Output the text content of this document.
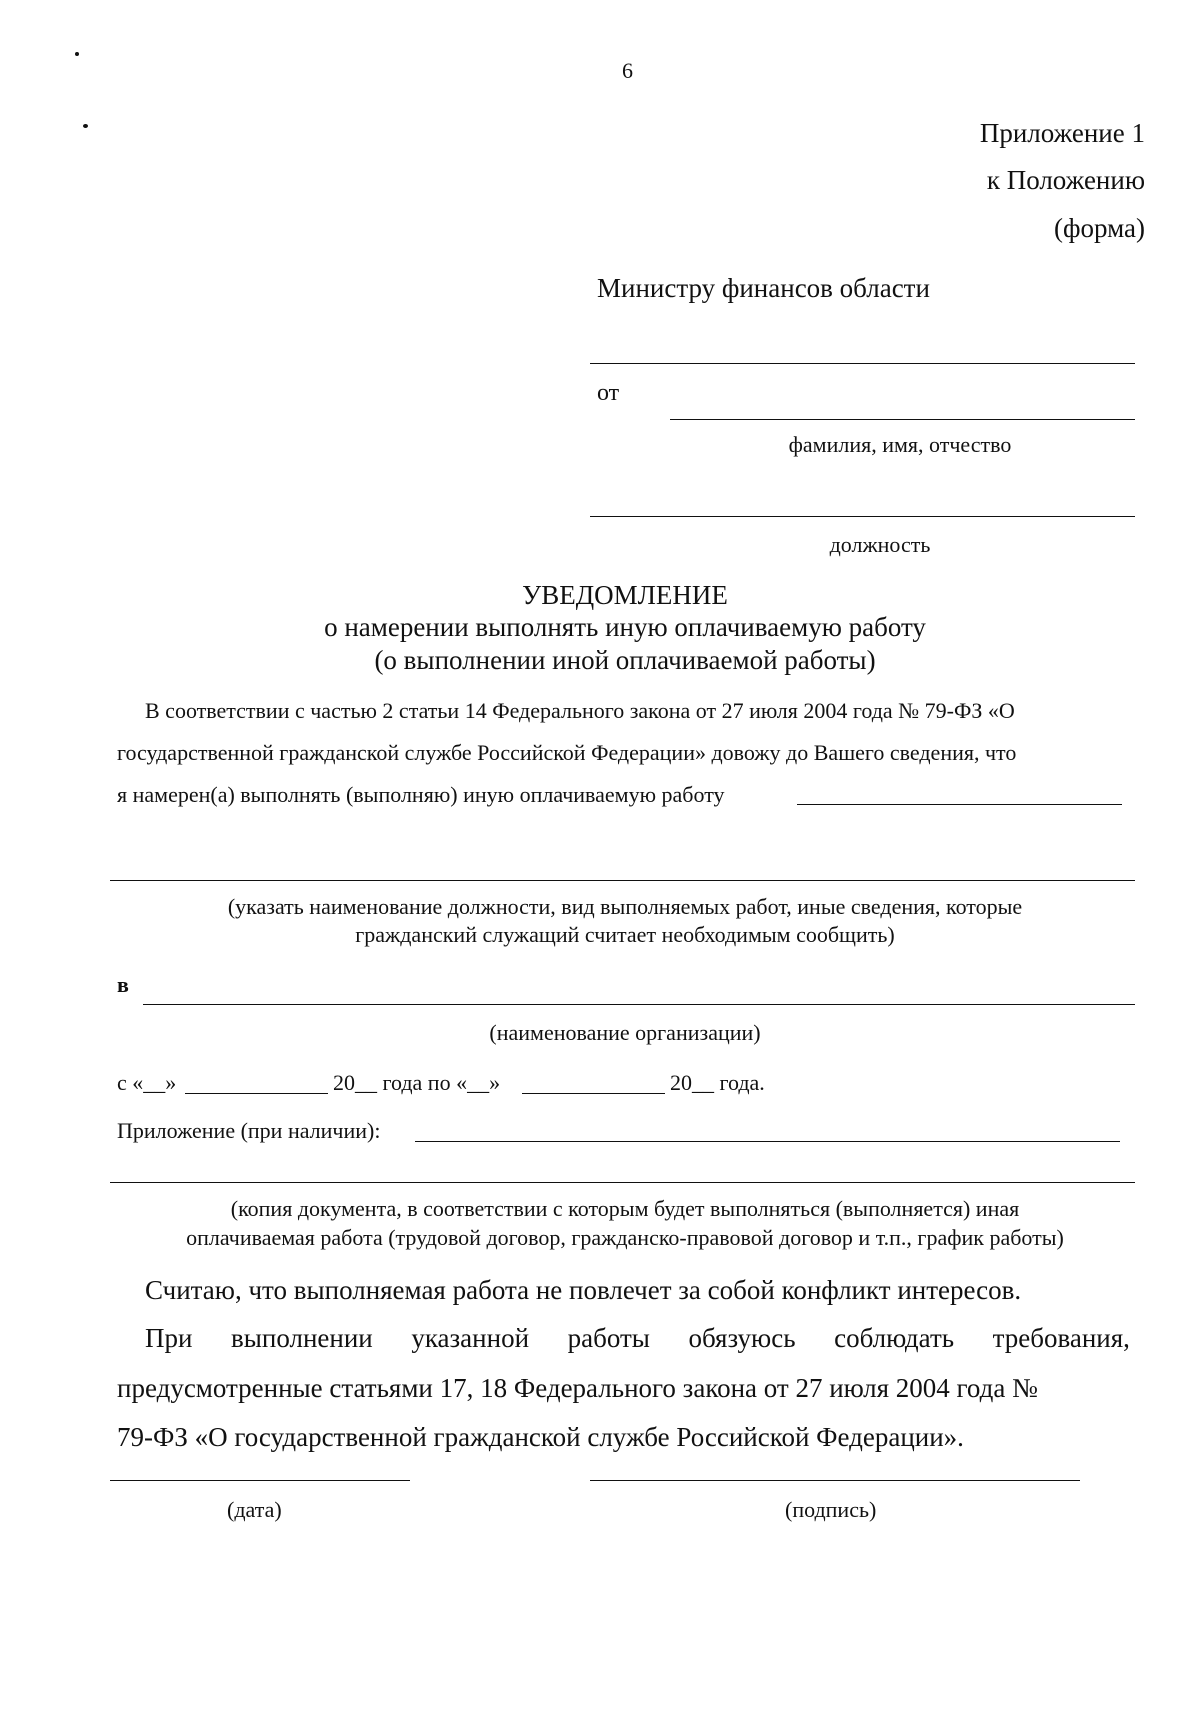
6
Приложение 1
к Положению
(форма)
Министру финансов области
от
фамилия, имя, отчество
должность
УВЕДОМЛЕНИЕ
о намерении выполнять иную оплачиваемую работу
(о выполнении иной оплачиваемой работы)
В соответствии с частью 2 статьи 14 Федерального закона от 27 июля 2004 года № 79-ФЗ «О
государственной гражданской службе Российской Федерации» довожу до Вашего сведения, что
я намерен(а) выполнять (выполняю) иную оплачиваемую работу
(указать наименование должности, вид выполняемых работ, иные сведения, которые
гражданский служащий считает необходимым сообщить)
в
(наименование организации)
с «__»	20__ года по «__»	20__ года.
Приложение (при наличии):
(копия документа, в соответствии с которым будет выполняться (выполняется) иная
оплачиваемая работа (трудовой договор, гражданско-правовой договор и т.п., график работы)
Считаю, что выполняемая работа не повлечет за собой конфликт интересов.
При выполнении указанной работы обязуюсь соблюдать требования,
предусмотренные статьями 17, 18 Федерального закона от 27 июля 2004 года №
79-ФЗ «О государственной гражданской службе Российской Федерации».
(дата)	(подпись)
